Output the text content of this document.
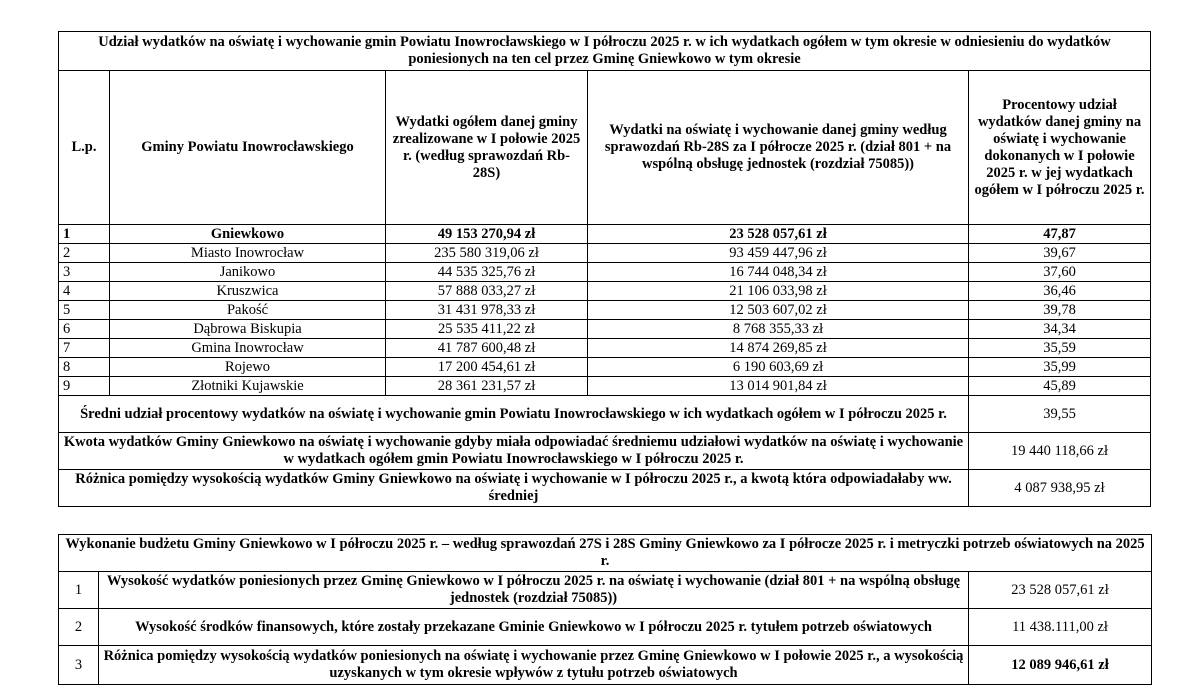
Udział wydatków na oświatę i wychowanie gmin Powiatu Inowrocławskiego w I półroczu 2025 r. w ich wydatkach ogółem w tym okresie w odniesieniu do wydatków poniesionych na ten cel przez Gminę Gniewkowo w tym okresie				
L.p.	Gminy Powiatu Inowrocławskiego	Wydatki ogółem danej gminy zrealizowane w I połowie 2025 r. (według sprawozdań Rb-28S)	Wydatki na oświatę i wychowanie danej gminy według sprawozdań Rb-28S za I półrocze 2025 r. (dział 801 + na wspólną obsługę jednostek (rozdział 75085))	Procentowy udział wydatków danej gminy na oświatę i wychowanie dokonanych w I połowie 2025 r. w jej wydatkach ogółem w I półroczu 2025 r.
1	Gniewkowo	49 153 270,94 zł	23 528 057,61 zł	47,87
2	Miasto Inowrocław	235 580 319,06 zł	93 459 447,96 zł	39,67
3	Janikowo	44 535 325,76 zł	16 744 048,34 zł	37,60
4	Kruszwica	57 888 033,27 zł	21 106 033,98 zł	36,46
5	Pakość	31 431 978,33 zł	12 503 607,02 zł	39,78
6	Dąbrowa Biskupia	25 535 411,22 zł	8 768 355,33 zł	34,34
7	Gmina Inowrocław	41 787 600,48 zł	14 874 269,85 zł	35,59
8	Rojewo	17 200 454,61 zł	6 190 603,69 zł	35,99
9	Złotniki Kujawskie	28 361 231,57 zł	13 014 901,84 zł	45,89
Średni udział procentowy wydatków na oświatę i wychowanie gmin Powiatu Inowrocławskiego w ich wydatkach ogółem w I półroczu 2025 r.				39,55
Kwota wydatków Gminy Gniewkowo na oświatę i wychowanie gdyby miała odpowiadać średniemu udziałowi wydatków na oświatę i wychowanie w wydatkach ogółem gmin Powiatu Inowrocławskiego w I półroczu 2025 r.				19 440 118,66 zł
Różnica pomiędzy wysokością wydatków Gminy Gniewkowo na oświatę i wychowanie w I półroczu 2025 r., a kwotą która odpowiadałaby ww. średniej				4 087 938,95 zł
Wykonanie budżetu Gminy Gniewkowo w I półroczu 2025 r. – według sprawozdań 27S i 28S Gminy Gniewkowo za I półrocze 2025 r. i metryczki potrzeb oświatowych na 2025 r.		
1	Wysokość wydatków poniesionych przez Gminę Gniewkowo w I półroczu 2025 r. na oświatę i wychowanie (dział 801 + na wspólną obsługę jednostek (rozdział 75085))	23 528 057,61 zł
2	Wysokość środków finansowych, które zostały przekazane Gminie Gniewkowo w I półroczu 2025 r. tytułem potrzeb oświatowych	11 438.111,00 zł
3	Różnica pomiędzy wysokością wydatków poniesionych na oświatę i wychowanie przez Gminę Gniewkowo w I połowie 2025 r., a wysokością uzyskanych w tym okresie wpływów z tytułu potrzeb oświatowych	12 089 946,61 zł
